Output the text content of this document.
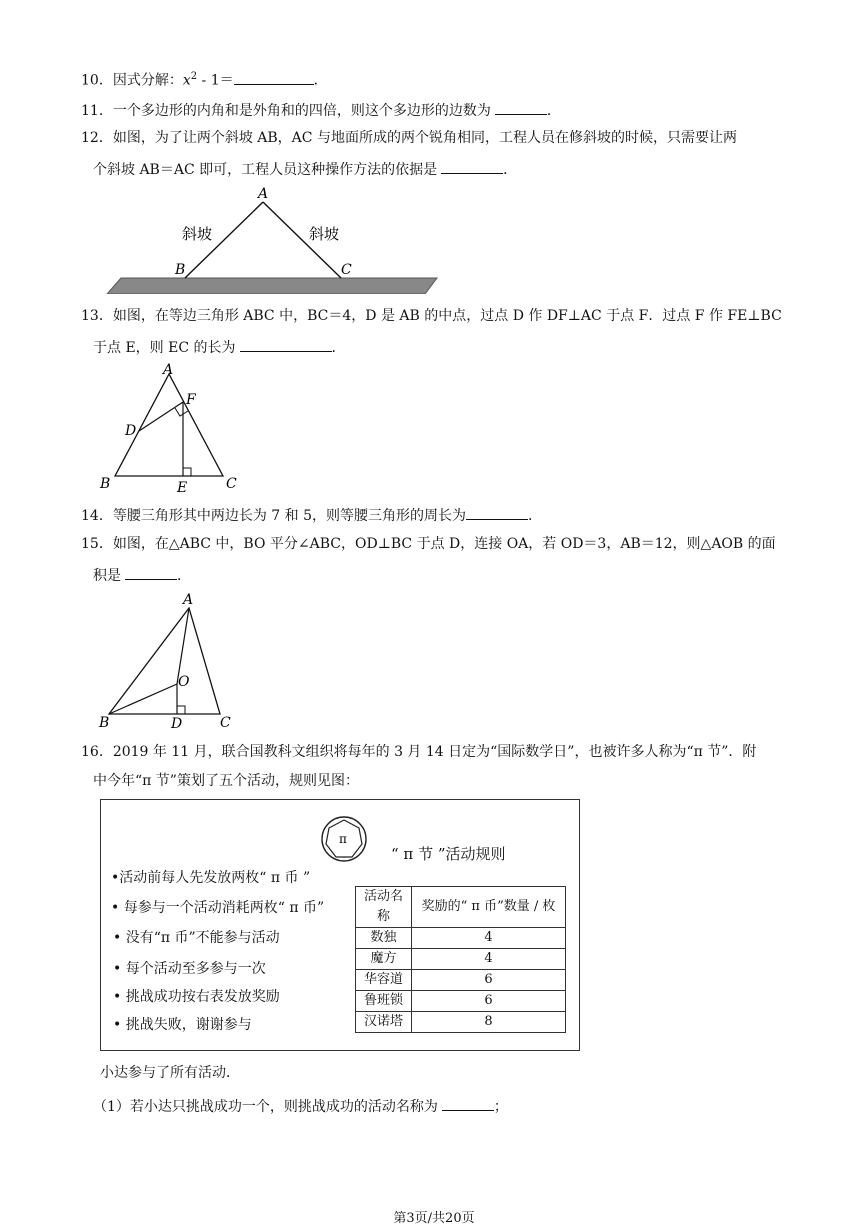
10．因式分解：$x^2 - 1=$	．
11．一个多边形的内角和是外角和的四倍，则这个多边形的边数为	．
12．如图，为了让两个斜坡 AB，AC 与地面所成的两个锐角相同，工程人员在修斜坡的时候，只需要让两
个斜坡 AB＝AC 即可，工程人员这种操作方法的依据是	．
A
B	C
斜坡	斜坡
13．如图，在等边三角形 ABC 中，BC＝4，D 是 AB 的中点，过点 D 作 DF⊥AC 于点 F．过点 F 作 FE⊥BC
于点 E，则 EC 的长为	．
A
B	C
D
E
F
14．等腰三角形其中两边长为 7 和 5，则等腰三角形的周长为	．
15．如图，在△ABC 中，BO 平分∠ABC，OD⊥BC 于点 D，连接 OA，若 OD＝3，AB＝12，则△AOB 的面
积是	．
A
B	C
D
O
16．2019 年 11 月，联合国教科文组织将每年的 3 月 14 日定为“国际数学日”，也被许多人称为“π 节”．附
中今年“π 节”策划了五个活动，规则见图：
π
“ π 节 ”活动规则
•活动前每人先发放两枚“ π 币 ”
• 每参与一个活动消耗两枚“ π 币”
• 没有“π 币”不能参与活动
• 每个活动至多参与一次
• 挑战成功按右表发放奖励
• 挑战失败，谢谢参与
活动名称	奖励的“ π 币”数量 / 枚
数独	4
魔方	4
华容道	6
鲁班锁	6
汉诺塔	8
小达参与了所有活动．
（1）若小达只挑战成功一个，则挑战成功的活动名称为	；
第3页/共20页
